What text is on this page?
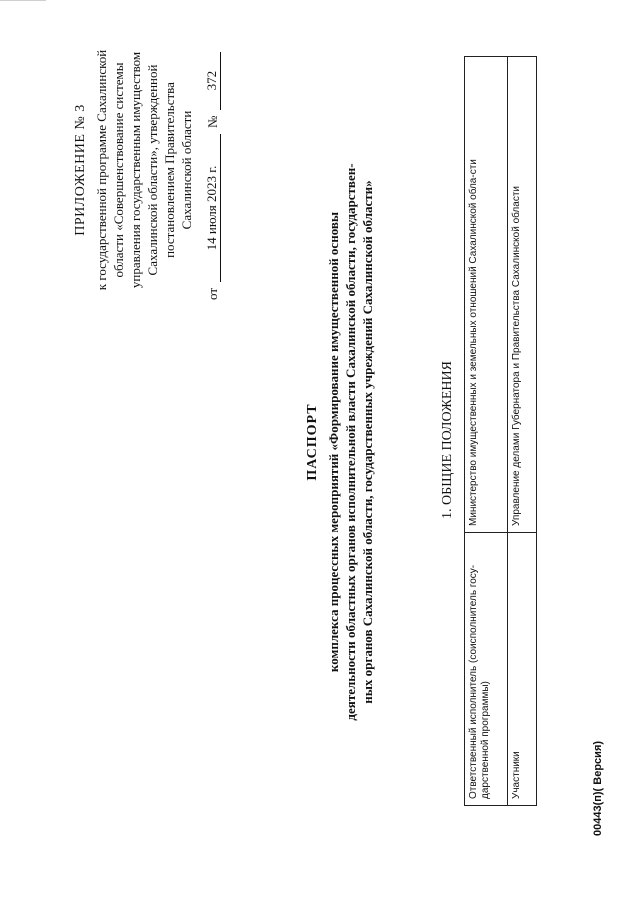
ПРИЛОЖЕНИЕ № 3 к государственной программе Сахалинской области «Совершенствование системы управления государственным имуществом Сахалинской области», утвержденной постановлением Правительства Сахалинской области
от
14 июля 2023 г.
№
372
ПАСПОРТ комплекса процессных мероприятий «Формирование имущественной основы деятельности областных органов исполнительной власти Сахалинской области, государствен- ных органов Сахалинской области, государственных учреждений Сахалинской области»	1. ОБЩИЕ ПОЛОЖЕНИЯ
Ответственный исполнитель (соисполнитель госу-дарственной программы)	Министерство имущественных и земельных отношений Сахалинской обла-сти
Участники	Управление делами Губернатора и Правительства Сахалинской области
00443(п)( Версия)
